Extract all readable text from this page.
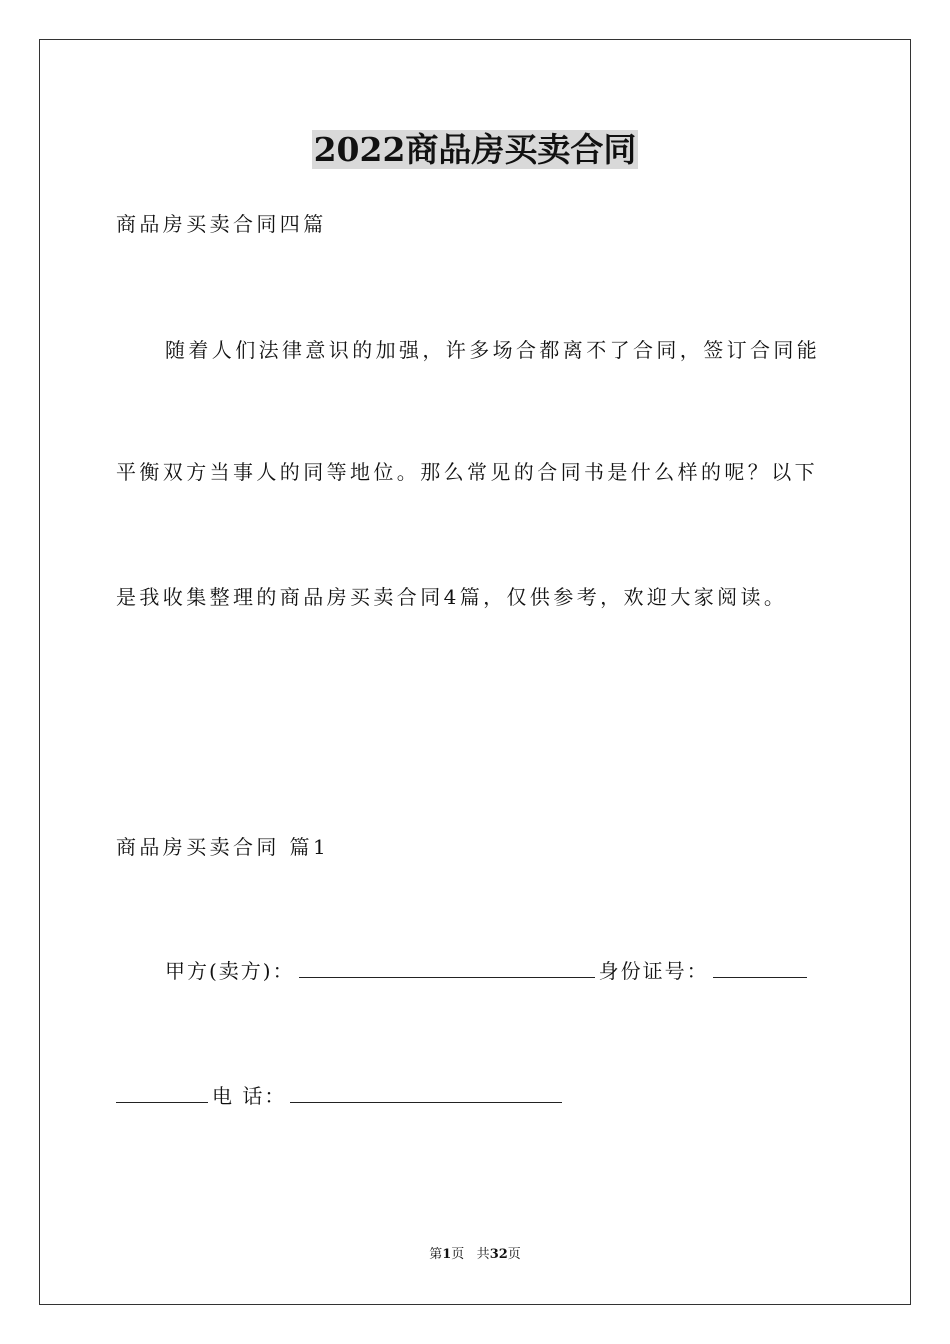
2022商品房买卖合同
商品房买卖合同四篇
随着人们法律意识的加强，许多场合都离不了合同，签订合同能
平衡双方当事人的同等地位。那么常见的合同书是什么样的呢？以下
是我收集整理的商品房买卖合同4篇，仅供参考，欢迎大家阅读。
商品房买卖合同 篇1
甲方(卖方)：	身份证号：
电 话：
第1页 共32页
